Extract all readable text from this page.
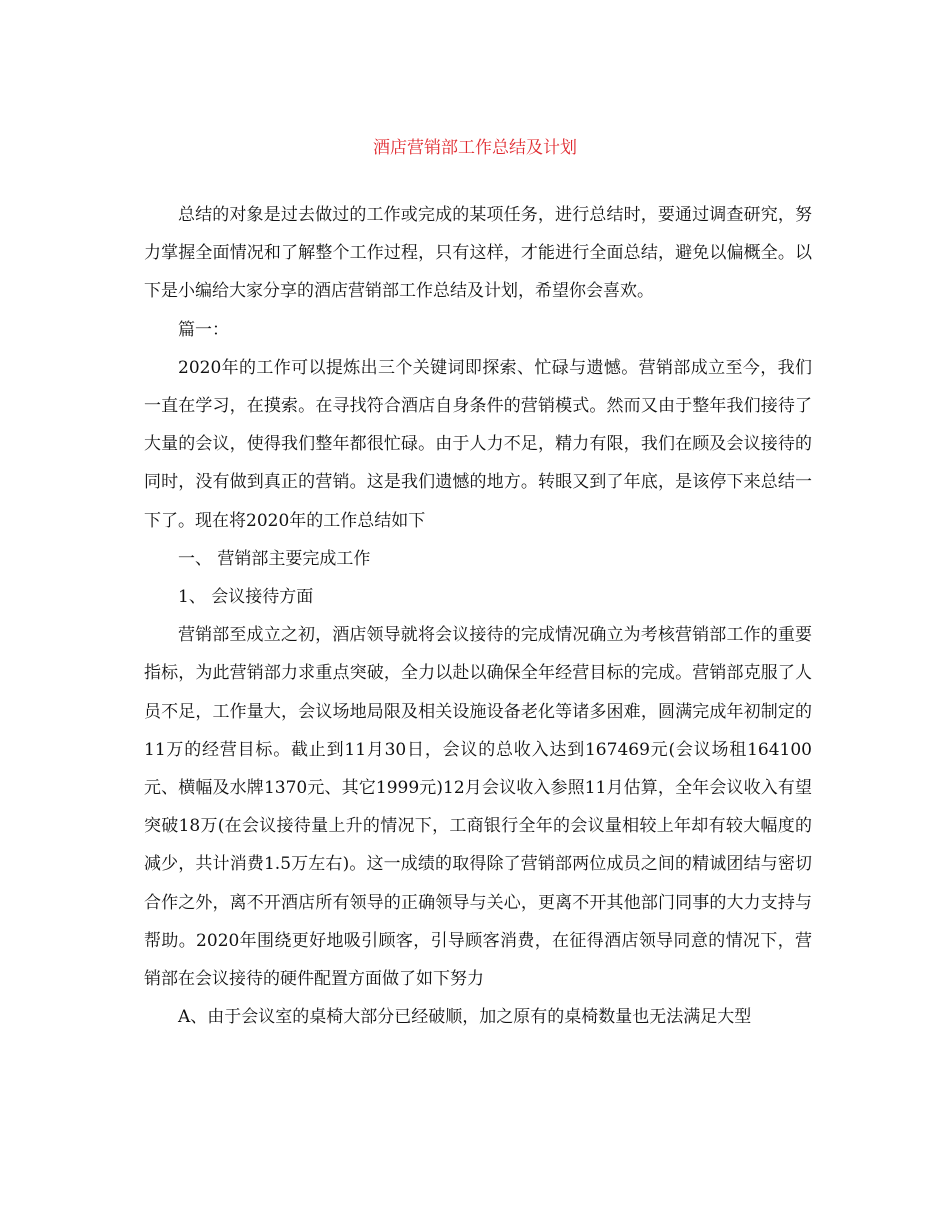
酒店营销部工作总结及计划

总结的对象是过去做过的工作或完成的某项任务，进行总结时，要通过调查研究，努力掌握全面情况和了解整个工作过程，只有这样，才能进行全面总结，避免以偏概全。以下是小编给大家分享的酒店营销部工作总结及计划，希望你会喜欢。

篇一：

2020年的工作可以提炼出三个关键词即探索、忙碌与遗憾。营销部成立至今，我们一直在学习，在摸索。在寻找符合酒店自身条件的营销模式。然而又由于整年我们接待了大量的会议，使得我们整年都很忙碌。由于人力不足，精力有限，我们在顾及会议接待的同时，没有做到真正的营销。这是我们遗憾的地方。转眼又到了年底，是该停下来总结一下了。现在将2020年的工作总结如下

一、 营销部主要完成工作

1、 会议接待方面

营销部至成立之初，酒店领导就将会议接待的完成情况确立为考核营销部工作的重要指标，为此营销部力求重点突破，全力以赴以确保全年经营目标的完成。营销部克服了人员不足，工作量大，会议场地局限及相关设施设备老化等诸多困难，圆满完成年初制定的11万的经营目标。截止到11月30日，会议的总收入达到167469元(会议场租164100元、横幅及水牌1370元、其它1999元)12月会议收入参照11月估算，全年会议收入有望突破18万(在会议接待量上升的情况下，工商银行全年的会议量相较上年却有较大幅度的减少，共计消费1.5万左右)。这一成绩的取得除了营销部两位成员之间的精诚团结与密切合作之外，离不开酒店所有领导的正确领导与关心，更离不开其他部门同事的大力支持与帮助。2020年围绕更好地吸引顾客，引导顾客消费，在征得酒店领导同意的情况下，营销部在会议接待的硬件配置方面做了如下努力

A、由于会议室的桌椅大部分已经破顺，加之原有的桌椅数量也无法满足大型
